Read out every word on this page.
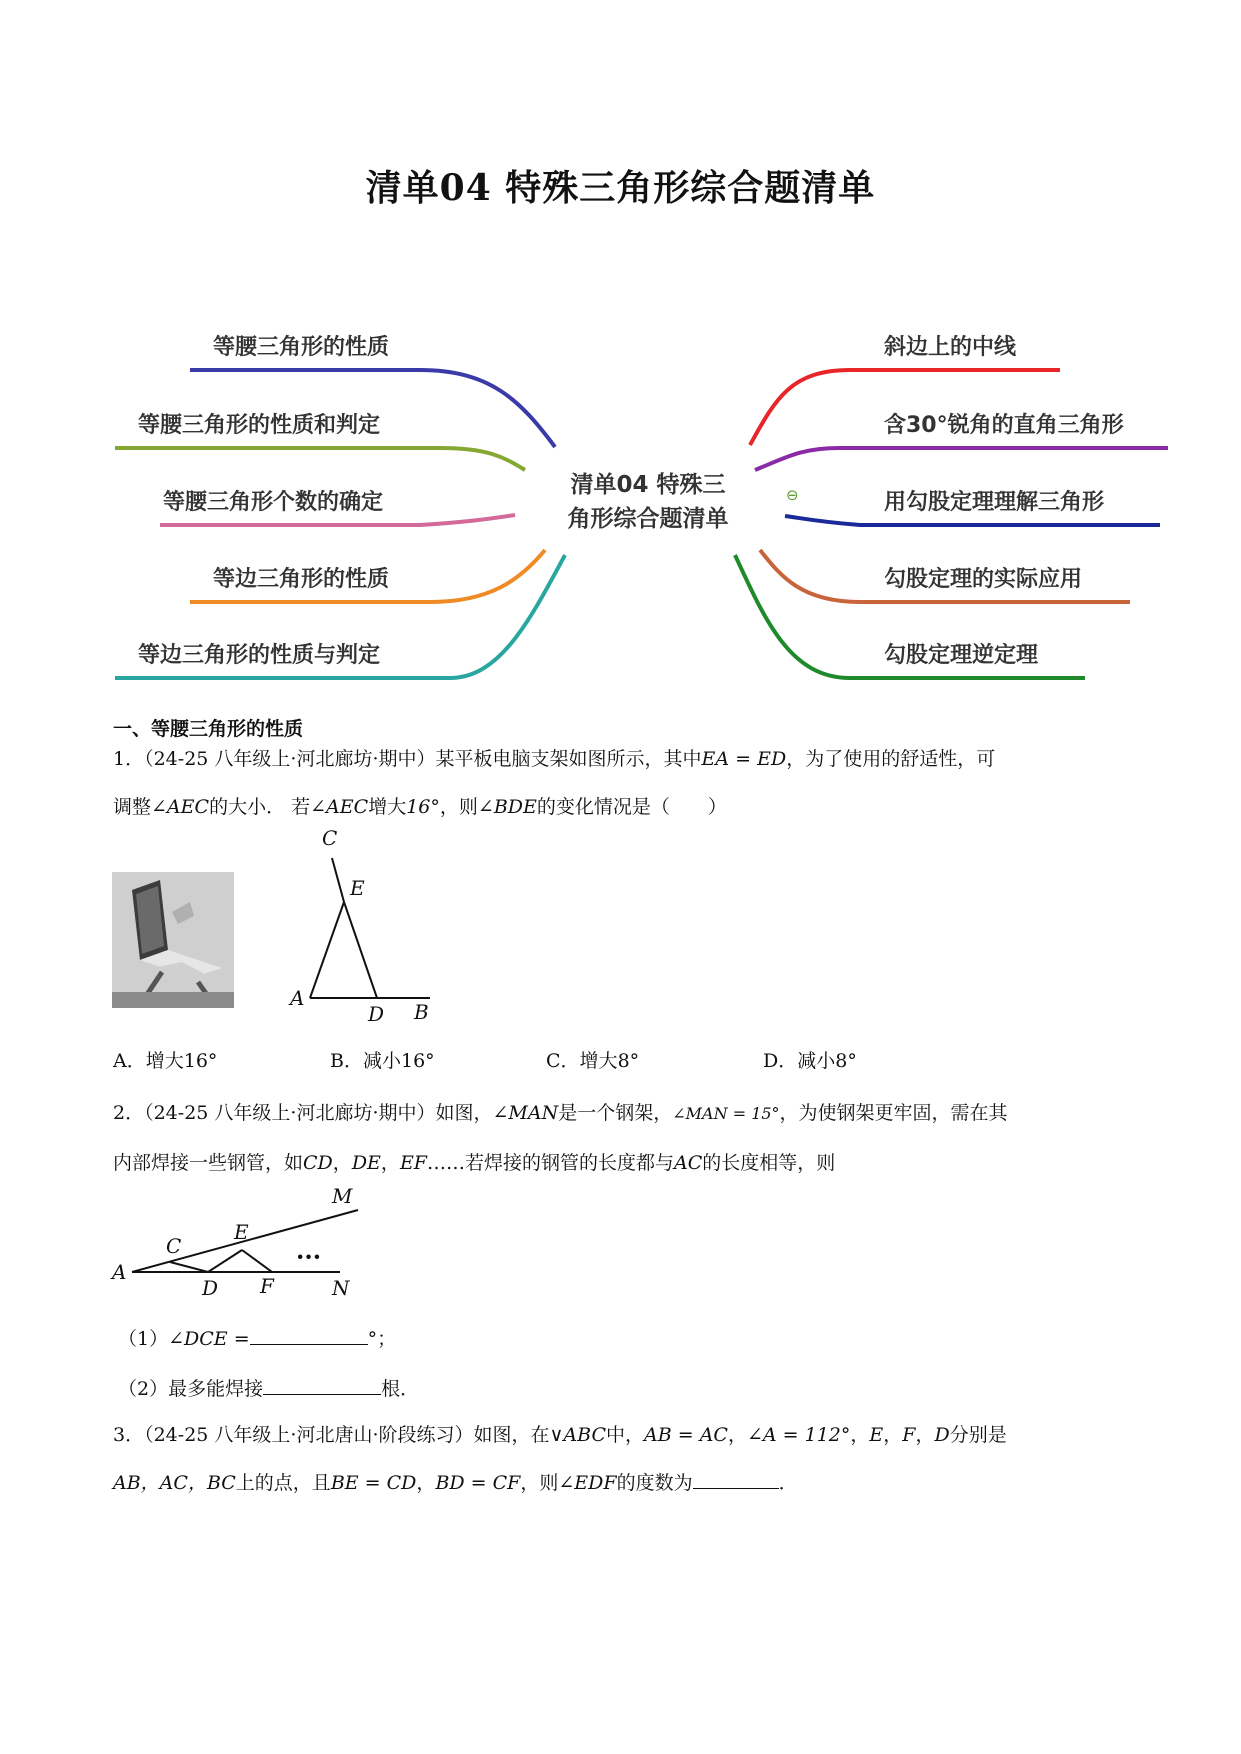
清单04 特殊三角形综合题清单
清单04 特殊三
角形综合题清单
⊖
等腰三角形的性质
等腰三角形的性质和判定
等腰三角形个数的确定
等边三角形的性质
等边三角形的性质与判定
斜边上的中线
含30°锐角的直角三角形
用勾股定理理解三角形
勾股定理的实际应用
勾股定理逆定理
一、等腰三角形的性质
1．（24-25 八年级上·河北廊坊·期中）某平板电脑支架如图所示，其中EA = ED，为了使用的舒适性，可
调整∠AEC的大小． 若∠AEC增大16°，则∠BDE的变化情况是（　　）
C
E
A
D B
A．增大16°	B．减小16°	C．增大8°	D．减小8°
2．（24-25 八年级上·河北廊坊·期中）如图，∠MAN是一个钢架，∠MAN = 15°，为使钢架更牢固，需在其
内部焊接一些钢管，如CD，DE，EF……若焊接的钢管的长度都与AC的长度相等，则
M
C
E
A
D F	N
···
（1）∠DCE =	°；
（2）最多能焊接	根．
3．（24-25 八年级上·河北唐山·阶段练习）如图，在∨ABC中，AB = AC，∠A = 112°，E，F，D分别是
AB，AC，BC上的点，且BE = CD，BD = CF，则∠EDF的度数为	．
